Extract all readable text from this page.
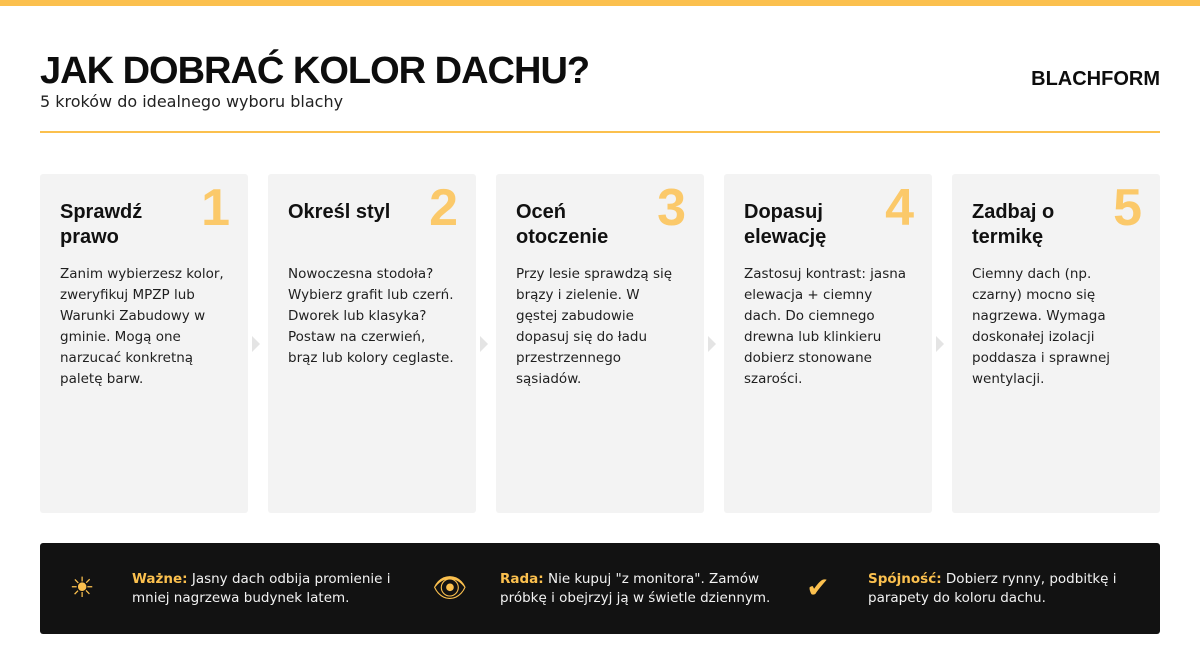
JAK DOBRAĆ KOLOR DACHU?

5 kroków do idealnego wyboru blachy

BLACHFORM
1
Sprawdź prawo

Zanim wybierzesz kolor, zweryfikuj MPZP lub Warunki Zabudowy w gminie. Mogą one narzucać konkretną paletę barw.

2
Określ styl

Nowoczesna stodoła? Wybierz grafit lub czerń. Dworek lub klasyka? Postaw na czerwień, brąz lub kolory ceglaste.

3
Oceń otoczenie

Przy lesie sprawdzą się brązy i zielenie. W gęstej zabudowie dopasuj się do ładu przestrzennego sąsiadów.

4
Dopasuj elewację

Zastosuj kontrast: jasna elewacja + ciemny dach. Do ciemnego drewna lub klinkieru dobierz stonowane szarości.

5
Zadbaj o termikę

Ciemny dach (np. czarny) mocno się nagrzewa. Wymaga doskonałej izolacji poddasza i sprawnej wentylacji.

☀	Ważne: Jasny dach odbija promienie i mniej nagrzewa budynek latem.	👁	Rada: Nie kupuj "z monitora". Zamów próbkę i obejrzyj ją w świetle dziennym.	✔	Spójność: Dobierz rynny, podbitkę i parapety do koloru dachu.
